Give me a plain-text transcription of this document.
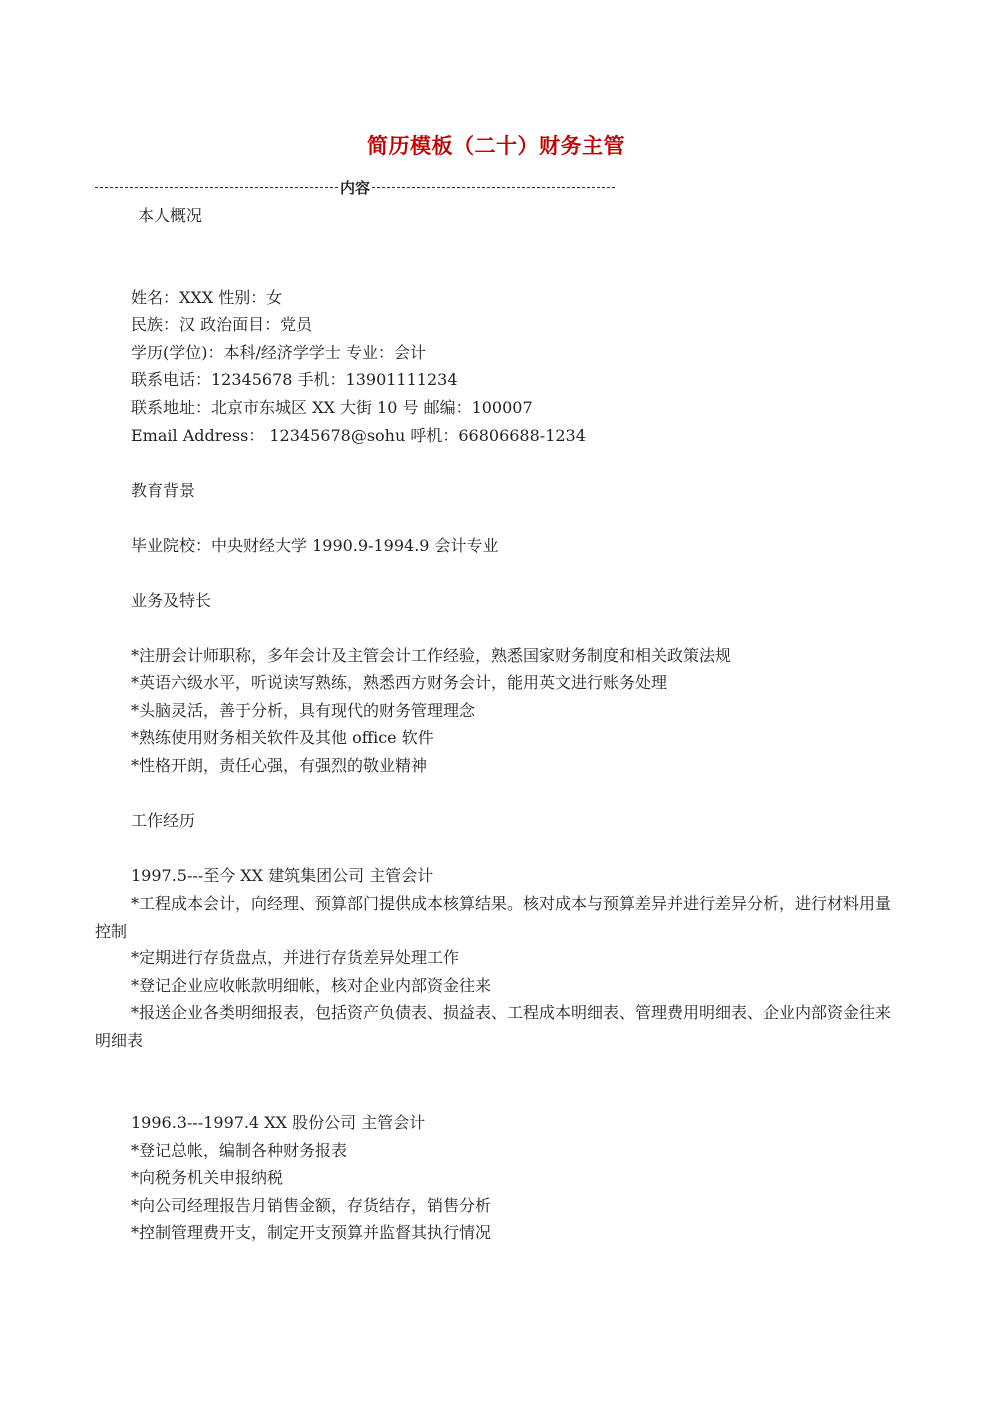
简历模板（二十）财务主管
内容
本人概况
姓名：XXX 性别：女
民族：汉 政治面目：党员
学历(学位)：本科/经济学学士 专业：会计
联系电话：12345678 手机：13901111234
联系地址：北京市东城区 XX 大街 10 号 邮编：100007
Email Address： 12345678@sohu 呼机：66806688-1234
教育背景
毕业院校：中央财经大学 1990.9-1994.9 会计专业
业务及特长
*注册会计师职称，多年会计及主管会计工作经验，熟悉国家财务制度和相关政策法规
*英语六级水平，听说读写熟练，熟悉西方财务会计，能用英文进行账务处理
*头脑灵活，善于分析，具有现代的财务管理理念
*熟练使用财务相关软件及其他 office 软件
*性格开朗，责任心强，有强烈的敬业精神
工作经历
1997.5---至今 XX 建筑集团公司 主管会计
*工程成本会计，向经理、预算部门提供成本核算结果。核对成本与预算差异并进行差异分析，进行材料用量控制
*定期进行存货盘点，并进行存货差异处理工作
*登记企业应收帐款明细帐，核对企业内部资金往来
*报送企业各类明细报表，包括资产负债表、损益表、工程成本明细表、管理费用明细表、企业内部资金往来明细表
1996.3---1997.4 XX 股份公司 主管会计
*登记总帐，编制各种财务报表
*向税务机关申报纳税
*向公司经理报告月销售金额，存货结存，销售分析
*控制管理费开支，制定开支预算并监督其执行情况
